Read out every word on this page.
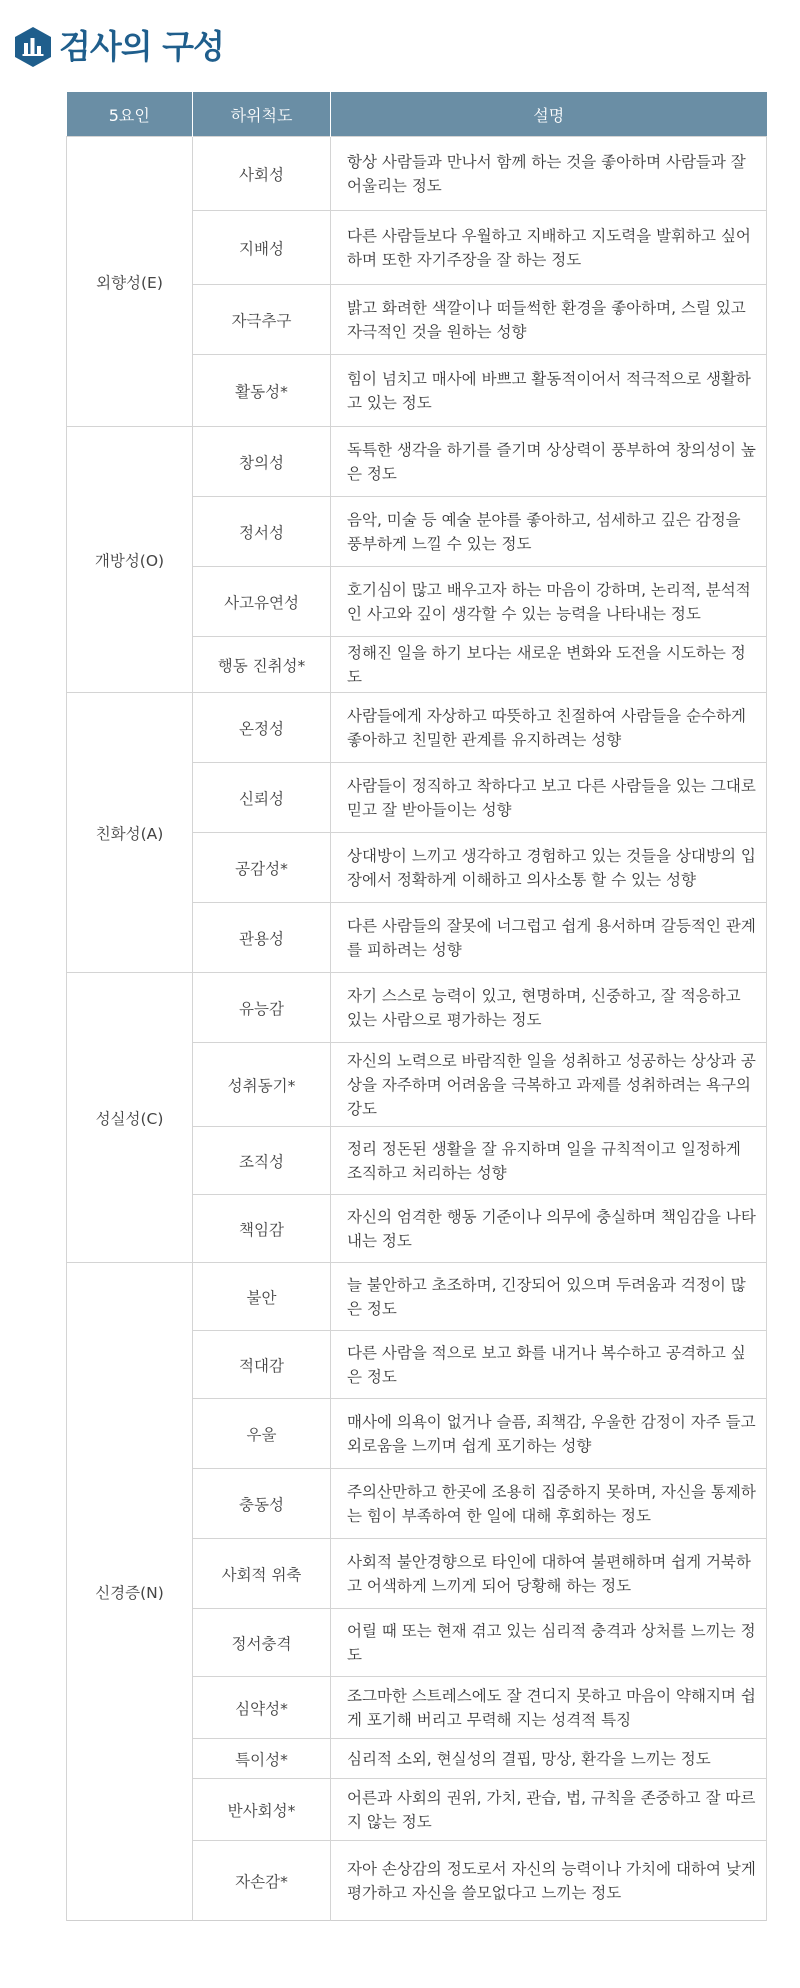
검사의 구성
5요인	하위척도	설명
외향성(E)	사회성	항상 사람들과 만나서 함께 하는 것을 좋아하며 사람들과 잘 어울리는 정도
	지배성	다른 사람들보다 우월하고 지배하고 지도력을 발휘하고 싶어 하며 또한 자기주장을 잘 하는 정도
	자극추구	밝고 화려한 색깔이나 떠들썩한 환경을 좋아하며, 스릴 있고 자극적인 것을 원하는 성향
	활동성*	힘이 넘치고 매사에 바쁘고 활동적이어서 적극적으로 생활하고 있는 정도
개방성(O)	창의성	독특한 생각을 하기를 즐기며 상상력이 풍부하여 창의성이 높은 정도
	정서성	음악, 미술 등 예술 분야를 좋아하고, 섬세하고 깊은 감정을 풍부하게 느낄 수 있는 정도
	사고유연성	호기심이 많고 배우고자 하는 마음이 강하며, 논리적, 분석적인 사고와 깊이 생각할 수 있는 능력을 나타내는 정도
	행동 진취성*	정해진 일을 하기 보다는 새로운 변화와 도전을 시도하는 정도
친화성(A)	온정성	사람들에게 자상하고 따뜻하고 친절하여 사람들을 순수하게 좋아하고 친밀한 관계를 유지하려는 성향
	신뢰성	사람들이 정직하고 착하다고 보고 다른 사람들을 있는 그대로 믿고 잘 받아들이는 성향
	공감성*	상대방이 느끼고 생각하고 경험하고 있는 것들을 상대방의 입장에서 정확하게 이해하고 의사소통 할 수 있는 성향
	관용성	다른 사람들의 잘못에 너그럽고 쉽게 용서하며 갈등적인 관계를 피하려는 성향
성실성(C)	유능감	자기 스스로 능력이 있고, 현명하며, 신중하고, 잘 적응하고 있는 사람으로 평가하는 정도
	성취동기*	자신의 노력으로 바람직한 일을 성취하고 성공하는 상상과 공상을 자주하며 어려움을 극복하고 과제를 성취하려는 욕구의 강도
	조직성	정리 정돈된 생활을 잘 유지하며 일을 규칙적이고 일정하게 조직하고 처리하는 성향
	책임감	자신의 엄격한 행동 기준이나 의무에 충실하며 책임감을 나타내는 정도
신경증(N)	불안	늘 불안하고 초조하며, 긴장되어 있으며 두려움과 걱정이 많은 정도
	적대감	다른 사람을 적으로 보고 화를 내거나 복수하고 공격하고 싶은 정도
	우울	매사에 의욕이 없거나 슬픔, 죄책감, 우울한 감정이 자주 들고 외로움을 느끼며 쉽게 포기하는 성향
	충동성	주의산만하고 한곳에 조용히 집중하지 못하며, 자신을 통제하는 힘이 부족하여 한 일에 대해 후회하는 정도
	사회적 위축	사회적 불안경향으로 타인에 대하여 불편해하며 쉽게 거북하고 어색하게 느끼게 되어 당황해 하는 정도
	정서충격	어릴 때 또는 현재 겪고 있는 심리적 충격과 상처를 느끼는 정도
	심약성*	조그마한 스트레스에도 잘 견디지 못하고 마음이 약해지며 쉽게 포기해 버리고 무력해 지는 성격적 특징
	특이성*	심리적 소외, 현실성의 결핍, 망상, 환각을 느끼는 정도
	반사회성*	어른과 사회의 권위, 가치, 관습, 법, 규칙을 존중하고 잘 따르지 않는 정도
	자손감*	자아 손상감의 정도로서 자신의 능력이나 가치에 대하여 낮게 평가하고 자신을 쓸모없다고 느끼는 정도
